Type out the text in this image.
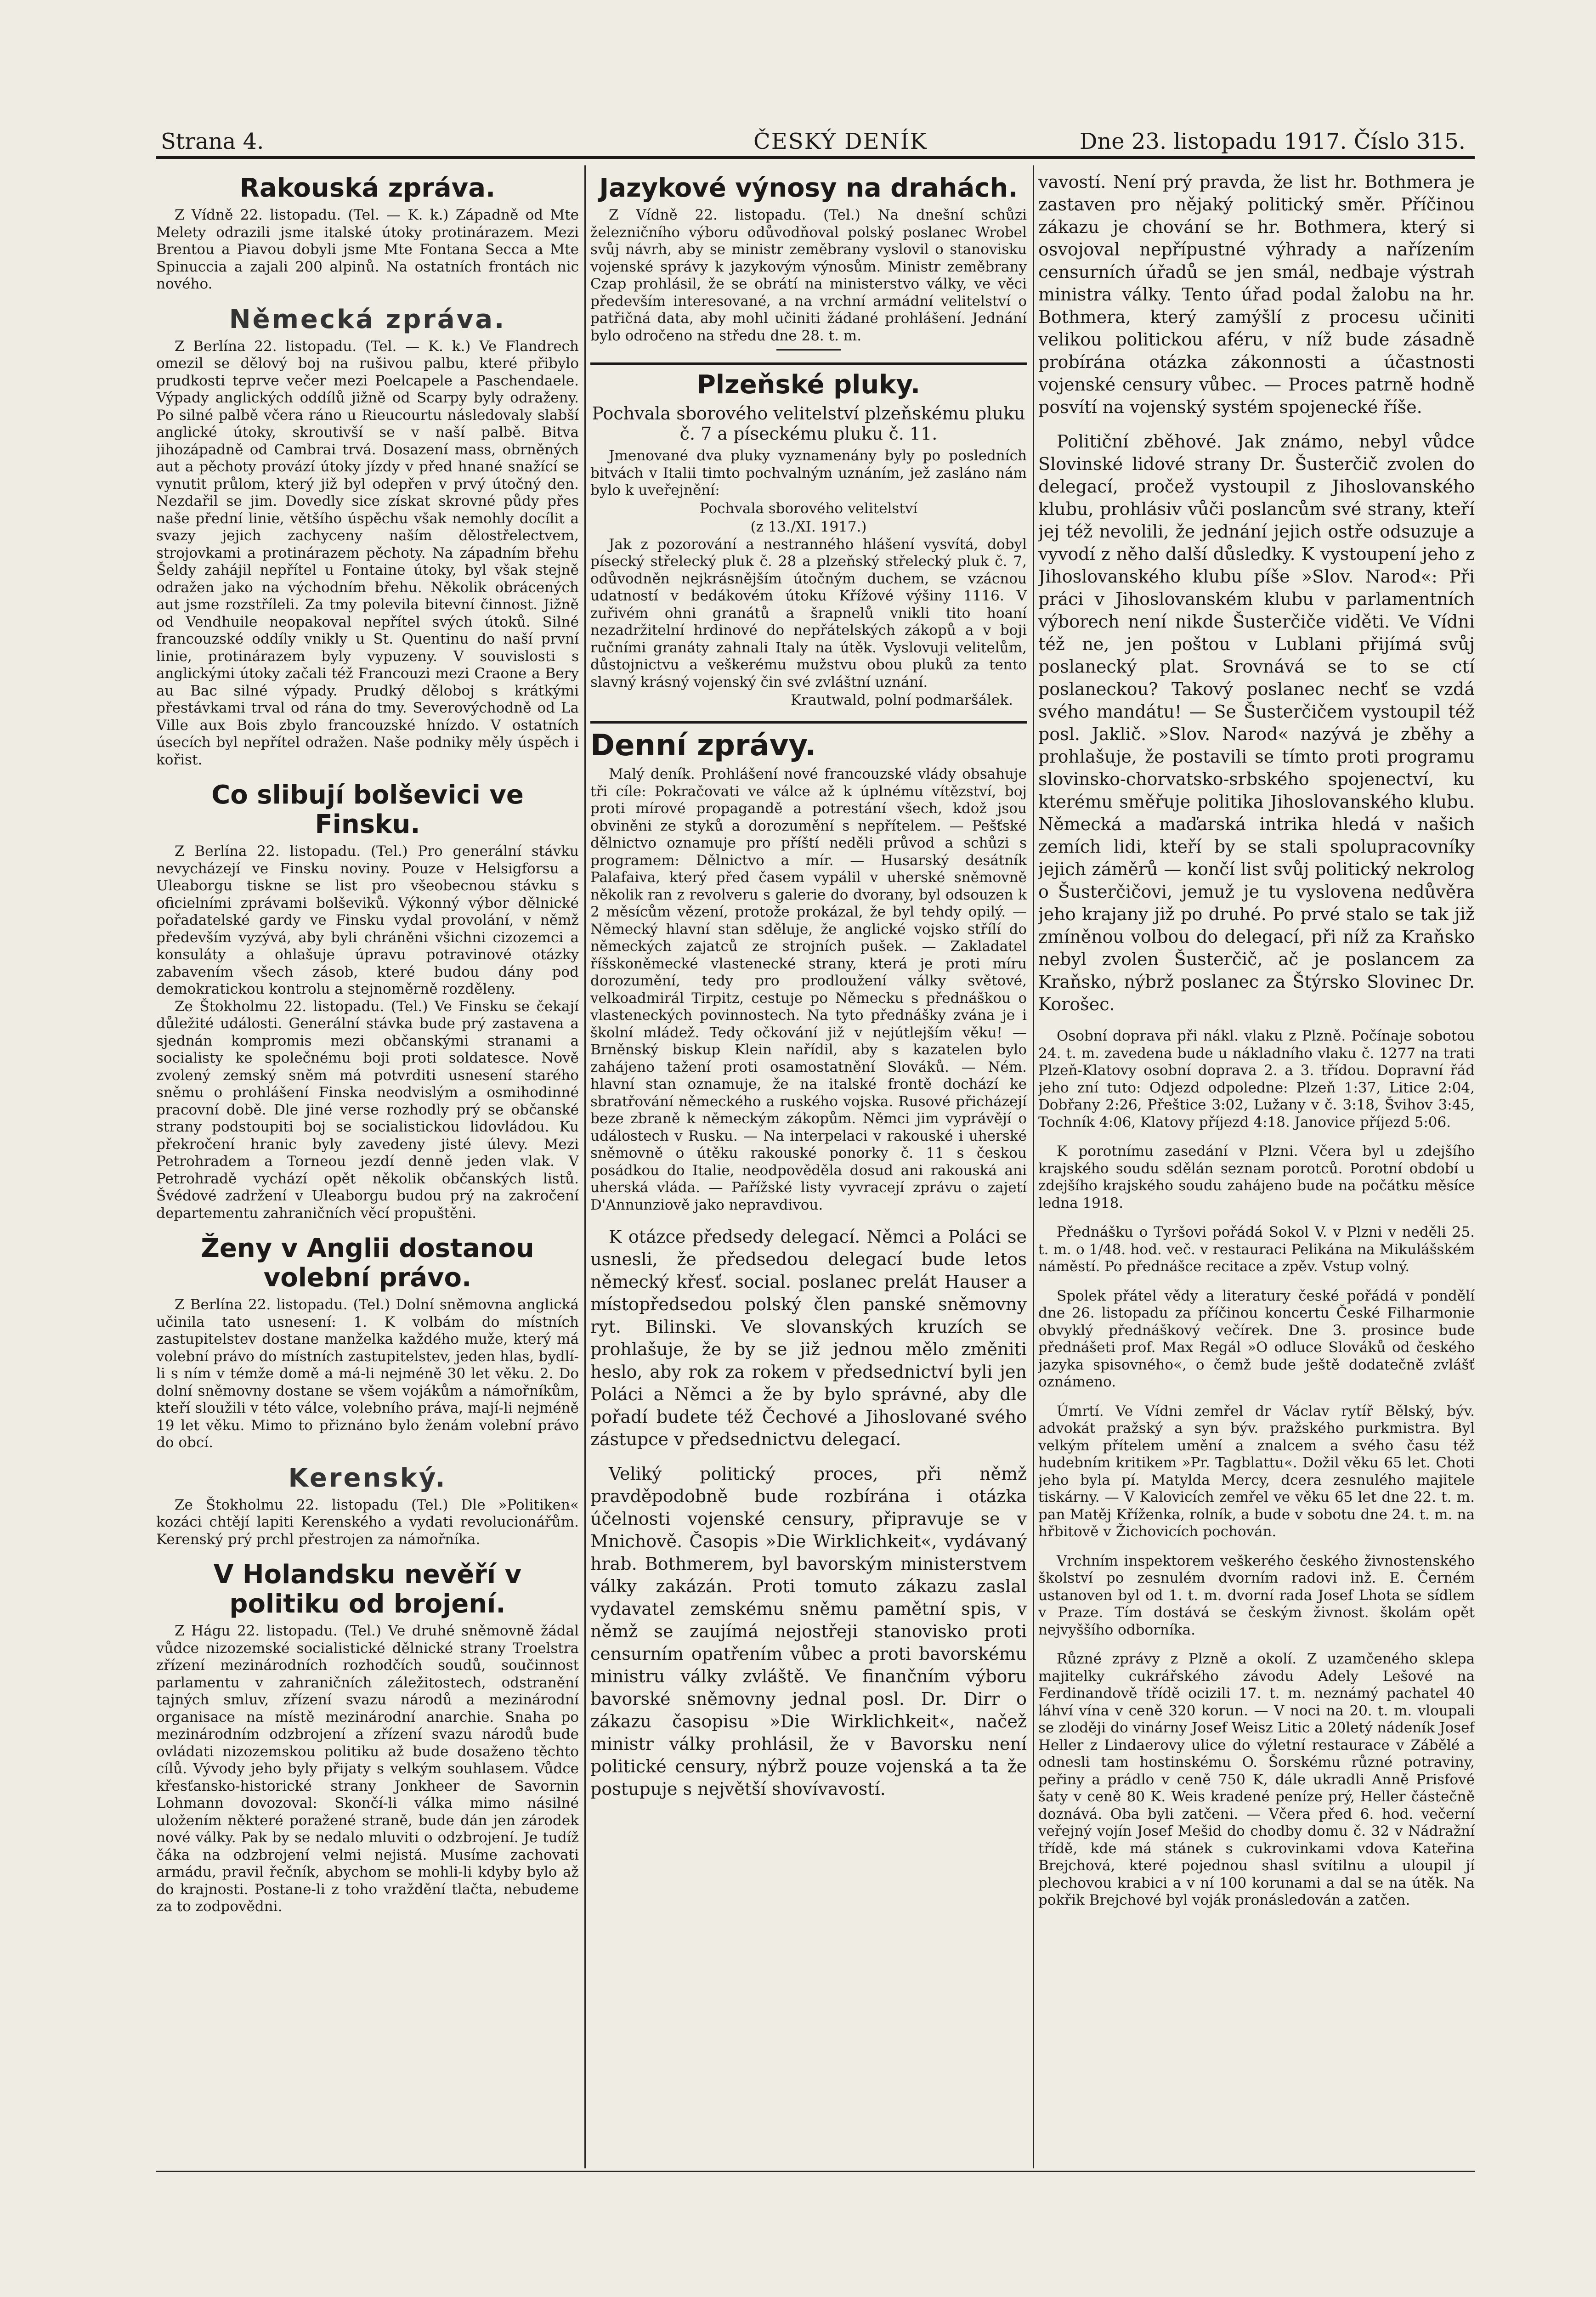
Strana 4.	ČESKÝ DENÍK	Dne 23. listopadu 1917. Číslo 315.
Rakouská zpráva.

Z Vídně 22. listopadu. (Tel. — K. k.) Západně od Mte Melety odrazili jsme italské útoky protinárazem. Mezi Brentou a Piavou dobyli jsme Mte Fontana Secca a Mte Spinuccia a zajali 200 alpinů. Na ostatních frontách nic nového.

Německá zpráva.

Z Berlína 22. listopadu. (Tel. — K. k.) Ve Flandrech omezil se dělový boj na rušivou palbu, které přibylo prudkosti teprve večer mezi Poelcapele a Paschendaele. Výpady anglických oddílů jižně od Scarpy byly odraženy. Po silné palbě včera ráno u Rieucourtu následovaly slabší anglické útoky, skroutivší se v naší palbě. Bitva jihozápadně od Cambrai trvá. Dosazení mass, obrněných aut a pěchoty provází útoky jízdy v před hnané snažící se vynutit průlom, který již byl odepřen v prvý útočný den. Nezdařil se jim. Dovedly sice získat skrovné půdy přes naše přední linie, většího úspěchu však nemohly docílit a svazy jejich zachyceny naším dělostřelectvem, strojovkami a protinárazem pěchoty. Na západním břehu Šeldy zahájil nepřítel u Fontaine útoky, byl však stejně odražen jako na východním břehu. Několik obrácených aut jsme rozstříleli. Za tmy polevila bitevní činnost. Jižně od Vendhuile neopakoval nepřítel svých útoků. Silné francouzské oddíly vnikly u St. Quentinu do naší první linie, protinárazem byly vypuzeny. V souvislosti s anglickými útoky začali též Francouzi mezi Craone a Bery au Bac silné výpady. Prudký dělobој s krátkými přestávkami trval od rána do tmy. Severovýchodně od La Ville aux Bois zbylo francouzské hnízdo. V ostatních úsecích byl nepřítel odražen. Naše podniky měly úspěch i kořist.

Co slibují bolševici ve Finsku.

Z Berlína 22. listopadu. (Tel.) Pro generální stávku nevycházejí ve Finsku noviny. Pouze v Helsigforsu a Uleaborgu tiskne se list pro všeobecnou stávku s oficielními zprávami bolševiků. Výkonný výbor dělnické pořadatelské gardy ve Finsku vydal provolání, v němž především vyzývá, aby byli chráněni všichni cizozemci a konsuláty a ohlašuje úpravu potravinové otázky zabavením všech zásob, které budou dány pod demokratickou kontrolu a stejnoměrně rozděleny.

Ze Štokholmu 22. listopadu. (Tel.) Ve Finsku se čekají důležité události. Generální stávka bude prý zastavena a sjednán kompromis mezi občanskými stranami a socialisty ke společnému boji proti soldatesce. Nově zvolený zemský sněm má potvrditi usnesení starého sněmu o prohlášení Finska neodvislým a osmihodinné pracovní době. Dle jiné verse rozhodly prý se občanské strany podstoupiti boj se socialistickou lidovládou. Ku překročení hranic byly zavedeny jisté úlevy. Mezi Petrohradem a Torneou jezdí denně jeden vlak. V Petrohradě vychází opět několik občanských listů. Švédové zadržení v Uleaborgu budou prý na zakročení departementu zahraničních věcí propuštěni.

Ženy v Anglii dostanou volební právo.

Z Berlína 22. listopadu. (Tel.) Dolní sněmovna anglická učinila tato usnesení: 1. K volbám do místních zastupitelstev dostane manželka každého muže, který má volební právo do místních zastupitelstev, jeden hlas, bydlí-li s ním v témže domě a má-li nejméně 30 let věku. 2. Do dolní sněmovny dostane se všem vojákům a námořníkům, kteří sloužili v této válce, volebního práva, mají-li nejméně 19 let věku. Mimo to přiznáno bylo ženám volební právo do obcí.

Kerenský.

Ze Štokholmu 22. listopadu (Tel.) Dle »Politiken« kozáci chtějí lapiti Kerenského a vydati revolucionářům. Kerenský prý prchl přestrojen za námořníka.

V Holandsku nevěří v politiku od brojení.

Z Hágu 22. listopadu. (Tel.) Ve druhé sněmovně žádal vůdce nizozemské socialistické dělnické strany Troelstra zřízení mezinárodních rozhodčích soudů, součinnost parlamentu v zahraničních záležitostech, odstranění tajných smluv, zřízení svazu národů a mezinárodní organisace na místě mezinárodní anarchie. Snaha po mezinárodním odzbrojení a zřízení svazu národů bude ovládati nizozemskou politiku až bude dosaženo těchto cílů. Vývody jeho byly přijaty s velkým souhlasem. Vůdce křesťansko-historické strany Jonkheer de Savornin Lohmann dovozoval: Skončí-li válka mimo násilné uložením některé poražené straně, bude dán jen zárodek nové války. Pak by se nedalo mluviti o odzbrojení. Je tudíž čáka na odzbrojení velmi nejistá. Musíme zachovati armádu, pravil řečník, abychom se mohli-li kdyby bylo až do krajnosti. Postane-li z toho vraždění tlačta, nebudeme za to zodpovědni.

Jazykové výnosy na drahách.

Z Vídně 22. listopadu. (Tel.) Na dnešní schůzi železničního výboru odůvodňoval polský poslanec Wrobel svůj návrh, aby se ministr zeměbrany vyslovil o stanovisku vojenské správy k jazykovým výnosům. Ministr zeměbrany Czap prohlásil, že se obrátí na ministerstvo války, ve věci především interesované, a na vrchní armádní velitelství o patřičná data, aby mohl učiniti žádané prohlášení. Jednání bylo odročeno na středu dne 28. t. m.

Plzeňské pluky.
Pochvala sborového velitelství plzeňskému pluku č. 7 a píseckému pluku č. 11.

Jmenované dva pluky vyznamenány byly po posledních bitvách v Italii timto pochvalným uznáním, jež zasláno nám bylo k uveřejnění:

Pochvala sborového velitelství
(z 13./XI. 1917.)

Jak z pozorování a nestranného hlášení vysvítá, dobyl písecký střelecký pluk č. 28 a plzeňský střelecký pluk č. 7, odůvodněn nejkrásnějším útočným duchem, se vzácnou udatností v bedákovém útoku Křížové výšiny 1116. V zuřivém ohni granátů a šrapnelů vnikli tito hoaní nezadržitelní hrdinové do nepřátelských zákopů a v boji ručními granáty zahnali Italy na útěk. Vyslovuji velitelům, důstojnictvu a veškerému mužstvu obou pluků za tento slavný krásný vojenský čin své zvláštní uznání.

Krautwald, polní podmaršálek.
Denní zprávy.

Malý deník. Prohlášení nové francouzské vlády obsahuje tři cíle: Pokračovati ve válce až k úplnému vítězství, boj proti mírové propagandě a potrestání všech, kdož jsou obviněni ze styků a dorozumění s nepřítelem. — Pešťské dělnictvo oznamuje pro příští neděli průvod a schůzi s programem: Dělnictvo a mír. — Husarský desátník Palafaiva, který před časem vypálil v uherské sněmovně několik ran z revolveru s galerie do dvorany, byl odsouzen k 2 měsícům vězení, protože prokázal, že byl tehdy opilý. — Německý hlavní stan sděluje, že anglické vojsko střílí do německých zajatců ze strojních pušek. — Zakladatel říšskoněmecké vlastenecké strany, která je proti míru dorozumění, tedy pro prodloužení války světové, velkoadmirál Tirpitz, cestuje po Německu s přednáškou o vlasteneckých povinnostech. Na tyto přednášky zvána je i školní mládež. Tedy očkování již v nejútlejším věku! — Brněnský biskup Klein nařídil, aby s kazatelen bylo zahájeno tažení proti osamostatnění Slováků. — Ném. hlavní stan oznamuje, že na italské frontě dochází ke sbratřování německého a ruského vojska. Rusové přicházejí beze zbraně k německým zákopům. Němci jim vyprávějí o událostech v Rusku. — Na interpelaci v rakouské i uherské sněmovně o útěku rakouské ponorky č. 11 s českou posádkou do Italie, neodpověděla dosud ani rakouská ani uherská vláda. — Pařížské listy vyvracejí zprávu o zajetí D'Annunziově jako nepravdivou.

K otázce předsedy delegací. Němci a Poláci se usnesli, že předsedou delegací bude letos německý křesť. social. poslanec prelát Hauser a místopředsedou polský člen panské sněmovny ryt. Bilinski. Ve slovanských kruzích se prohlašuje, že by se již jednou mělo změniti heslo, aby rok za rokem v předsednictví byli jen Poláci a Němci a že by bylo správné, aby dle pořadí budete též Čechové a Jihoslované svého zástupce v předsednictvu delegací.

Veliký politický proces, při němž pravděpodobně bude rozbírána i otázka účelnosti vojenské censury, připravuje se v Mnichově. Časopis »Die Wirklichkeit«, vydávaný hrab. Bothmerem, byl bavorským ministerstvem války zakázán. Proti tomuto zákazu zaslal vydavatel zemskému sněmu pamětní spis, v němž se zaujímá nejostřeji stanovisko proti censurním opatřením vůbec a proti bavorskému ministru války zvláště. Ve finančním výboru bavorské sněmovny jednal posl. Dr. Dirr o zákazu časopisu »Die Wirklichkeit«, načež ministr války prohlásil, že v Bavorsku není politické censury, nýbrž pouze vojenská a ta že postupuje s největší shovívavostí.

vavostí. Není prý pravda, že list hr. Bothmera je zastaven pro nějaký politický směr. Příčinou zákazu je chování se hr. Bothmera, který si osvojoval nepřípustné výhrady a nařízením censurních úřadů se jen smál, nedbaje výstrah ministra války. Tento úřad podal žalobu na hr. Bothmera, který zamýšlí z procesu učiniti velikou politickou aféru, v níž bude zásadně probírána otázka zákonnosti a účastnosti vojenské censury vůbec. — Proces patrně hodně posvítí na vojenský systém spojenecké říše.

Političní zběhové. Jak známo, nebyl vůdce Slovinské lidové strany Dr. Šusterčič zvolen do delegací, pročež vystoupil z Jihoslovanského klubu, prohlásiv vůči poslancům své strany, kteří jej též nevolili, že jednání jejich ostře odsuzuje a vyvodí z něho další důsledky. K vystoupení jeho z Jihoslovanského klubu píše »Slov. Narod«: Při práci v Jihoslovanském klubu v parlamentních výborech není nikde Šusterčiče viděti. Ve Vídni též ne, jen poštou v Lublani přijímá svůj poslanecký plat. Srovnává se to se ctí poslaneckou? Takový poslanec nechť se vzdá svého mandátu! — Se Šusterčičem vystoupil též posl. Jaklič. »Slov. Narod« nazývá je zběhy a prohlašuje, že postavili se tímto proti programu slovinsko-chorvatsko-srbského spojenectví, ku kterému směřuje politika Jihoslovanského klubu. Německá a maďarská intrika hledá v našich zemích lidi, kteří by se stali spolupracovníky jejich záměrů — končí list svůj politický nekrolog o Šusterčičovi, jemuž je tu vyslovena nedůvěra jeho krajany již po druhé. Po prvé stalo se tak již zmíněnou volbou do delegací, při níž za Kraňsko nebyl zvolen Šusterčič, ač je poslancem za Kraňsko, nýbrž poslanec za Štýrsko Slovinec Dr. Korošec.

Osobní doprava při nákl. vlaku z Plzně. Počínaje sobotou 24. t. m. zavedena bude u nákladního vlaku č. 1277 na trati Plzeň-Klatovy osobní doprava 2. a 3. třídou. Dopravní řád jeho zní tuto: Odjezd odpoledne: Plzeň 1:37, Litice 2:04, Dobřany 2:26, Přeštice 3:02, Lužany v č. 3:18, Švihov 3:45, Tochník 4:06, Klatovy příjezd 4:18. Janovice příjezd 5:06.

K porotnímu zasedání v Plzni. Včera byl u zdejšího krajského soudu sdělán seznam porotců. Porotní období u zdejšího krajského soudu zahájeno bude na počátku měsíce ledna 1918.

Přednášku o Tyršovi pořádá Sokol V. v Plzni v neděli 25. t. m. o 1/48. hod. več. v restauraci Pelikána na Mikulášském náměstí. Po přednášce recitace a zpěv. Vstup volný.

Spolek přátel vědy a literatury české pořádá v pondělí dne 26. listopadu za příčinou koncertu České Filharmonie obvyklý přednáškový večírek. Dne 3. prosince bude přednášeti prof. Max Regál »O odluce Slováků od českého jazyka spisovného«, o čemž bude ještě dodatečně zvlášť oznámeno.

Úmrtí. Ve Vídni zemřel dr Václav rytíř Bělský, býv. advokát pražský a syn býv. pražského purkmistra. Byl velkým přítelem umění a znalcem a svého času též hudebním kritikem »Pr. Tagblattu«. Dožil věku 65 let. Choti jeho byla pí. Matylda Mercy, dcera zesnulého majitele tiskárny. — V Kalovicích zemřel ve věku 65 let dne 22. t. m. pan Matěj Kříženka, rolník, a bude v sobotu dne 24. t. m. na hřbitově v Žichovicích pochován.

Vrchním inspektorem veškerého českého živnostenského školství po zesnulém dvorním radovi inž. E. Černém ustanoven byl od 1. t. m. dvorní rada Josef Lhota se sídlem v Praze. Tím dostává se českým živnost. školám opět nejvyššího odborníka.

Různé zprávy z Plzně a okolí. Z uzamčeného sklepa majitelky cukrářského závodu Adely Lešové na Ferdinandově třídě ocizili 17. t. m. neznámý pachatel 40 láhví vína v ceně 320 korun. — V noci na 20. t. m. vloupali se zloději do vinárny Josef Weisz Litic a 20letý nádeník Josef Heller z Lindaerovy ulice do výletní restaurace v Zábělé a odnesli tam hostinskému O. Šorskému různé potraviny, peřiny a prádlo v ceně 750 K, dále ukradli Anně Prisfové šaty v ceně 80 K. Weis kradené peníze prý, Heller částečně doznává. Oba byli zatčeni. — Včera před 6. hod. večerní veřejný vojín Josef Mešid do chodby domu č. 32 v Nádražní třídě, kde má stánek s cukrovinkami vdova Kateřina Brejchová, které pojednou shasl svítilnu a uloupil jí plechovou krabici a v ní 100 korunami a dal se na útěk. Na pokřik Brejchové byl voják pronásledován a zatčen.
